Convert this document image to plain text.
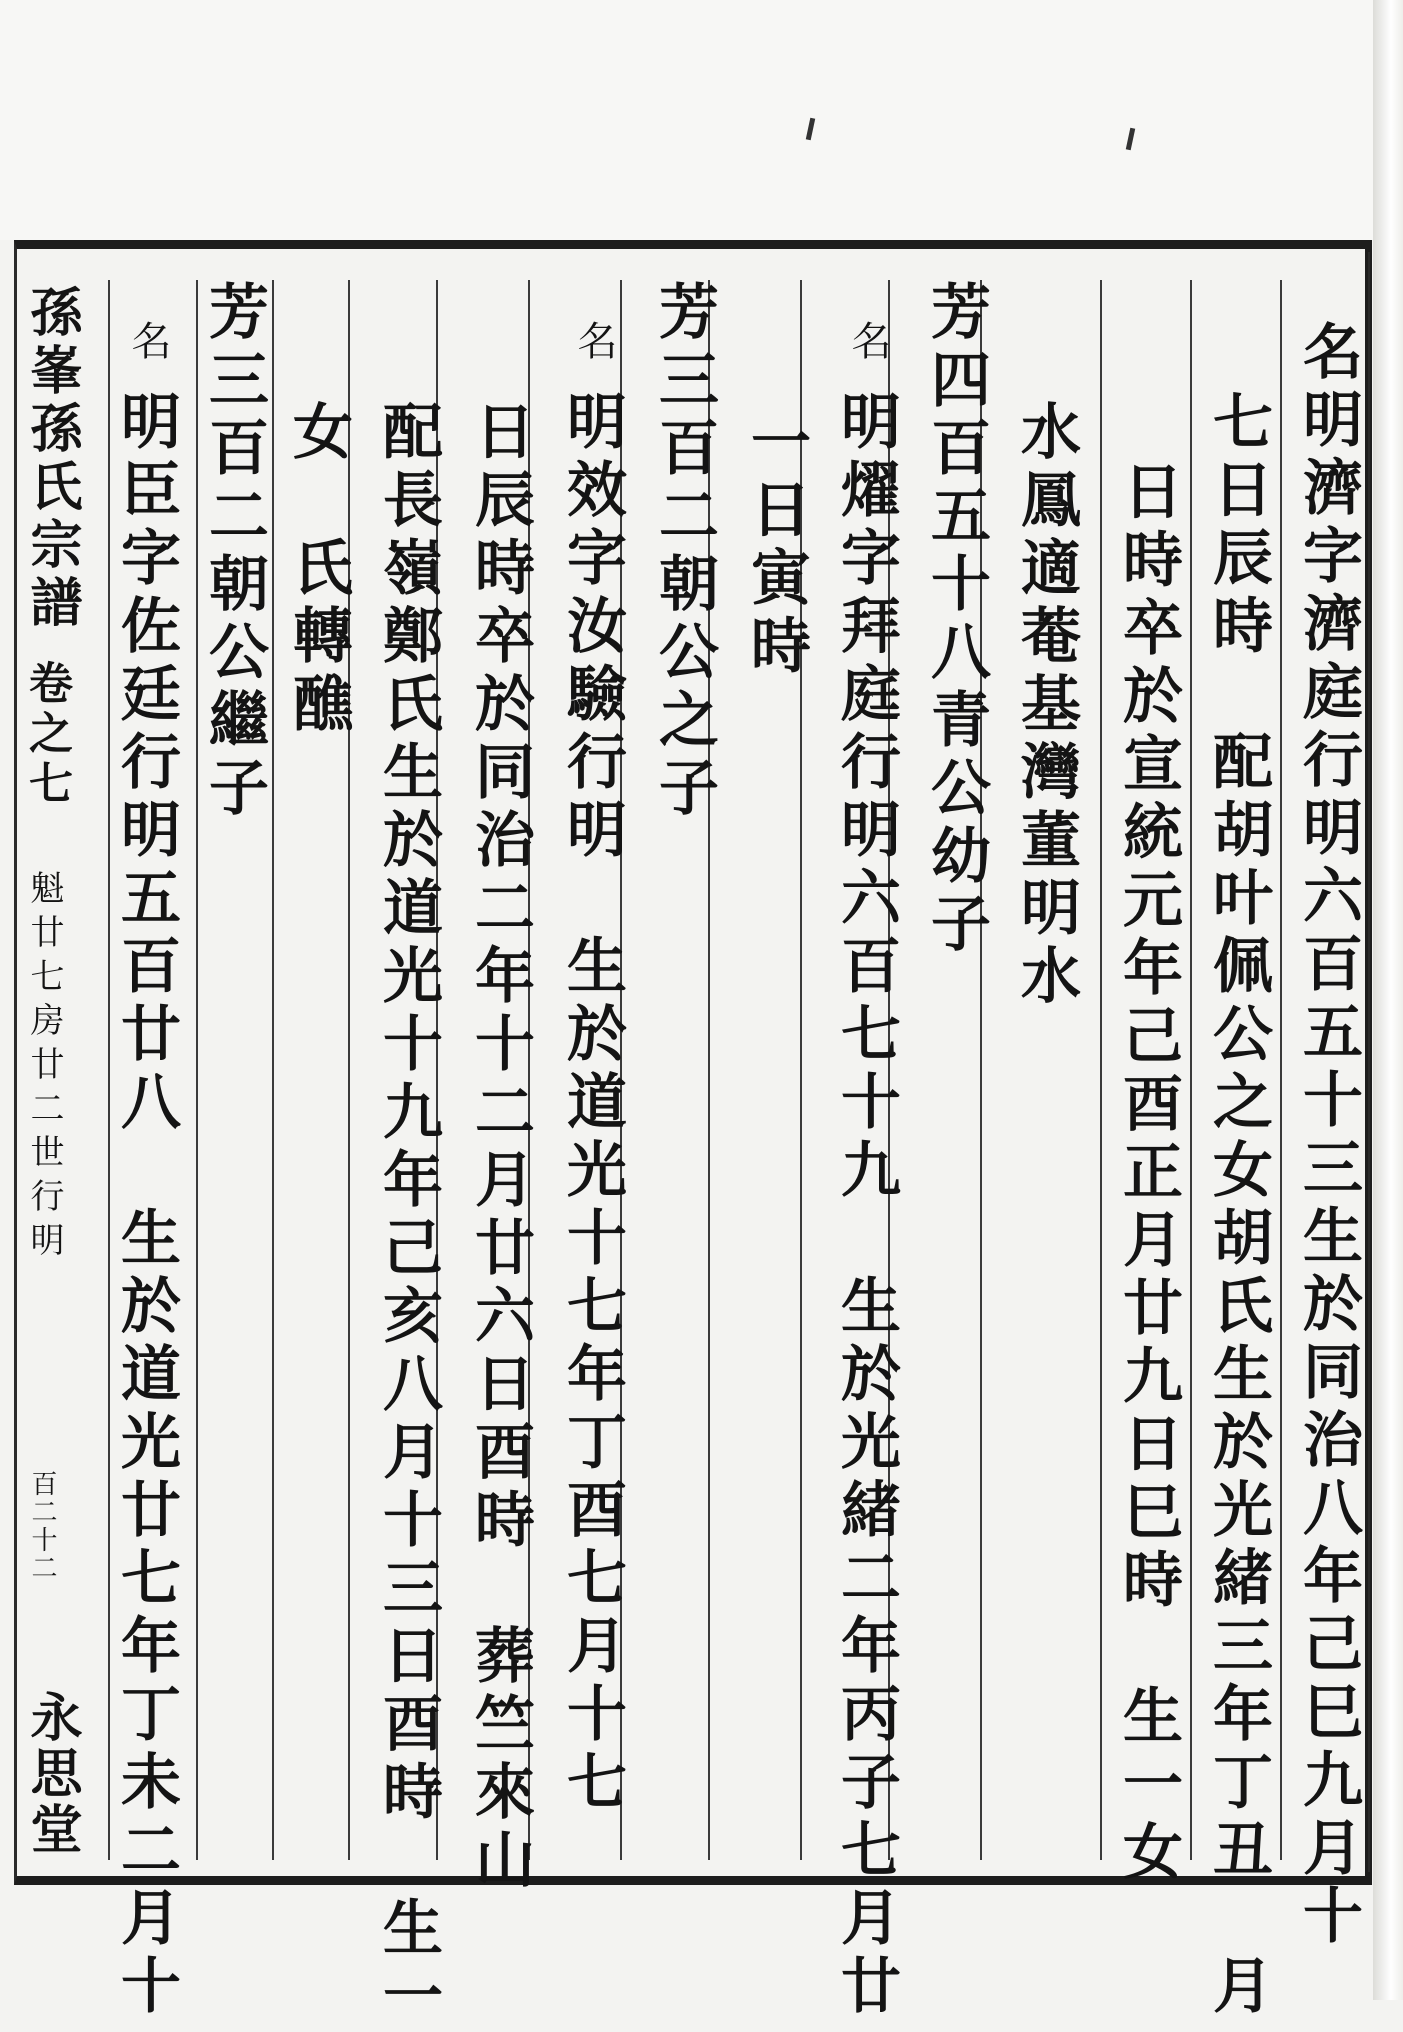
孫峯孫氏宗譜
卷之七
魁廿七房廿二世行明
百二十二
永思堂	名明濟字濟庭行明六百五十三生於同治八年己巳九月十
七日辰時　配胡叶佩公之女胡氏生於光緒三年丁丑　月
日時卒於宣統元年己酉正月廿九日巳時　生一女
水鳳適菴基灣董明水
芳四百五十八青公幼子
名
明燿字拜庭行明六百七十九　生於光緒二年丙子七月廿
一日寅時
芳三百二朝公之子
名
明效字汝驗行明　生於道光十七年丁酉七月十七
日辰時卒於同治二年十二月廿六日酉時　葬竺來山
配長嶺鄭氏生於道光十九年己亥八月十三日酉時　生一
女　氏轉醮
芳三百二朝公繼子
名
明臣字佐廷行明五百廿八　生於道光廿七年丁未二月十
